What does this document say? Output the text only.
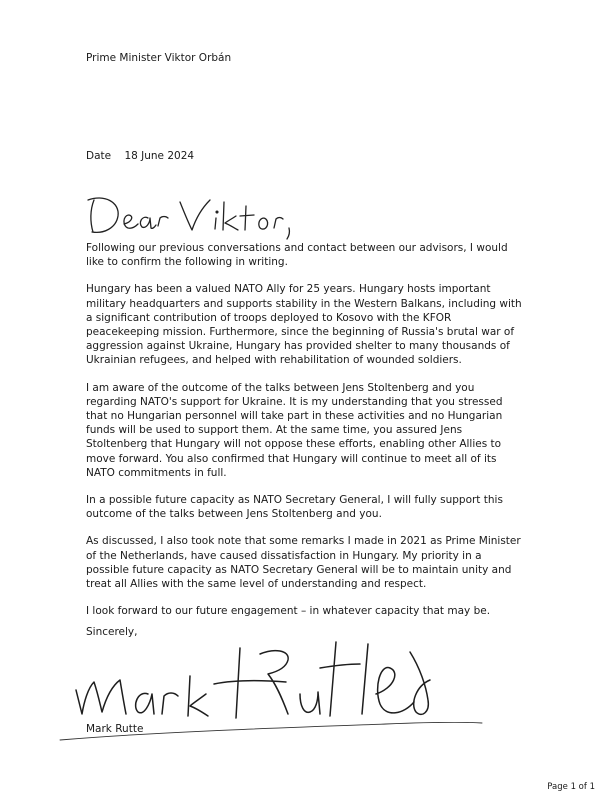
Prime Minister Viktor Orbán
Date 18 June 2024
Dear Viktor,

Following our previous conversations and contact between our advisors, I would like to confirm the following in writing.

Hungary has been a valued NATO Ally for 25 years. Hungary hosts important military headquarters and supports stability in the Western Balkans, including with a significant contribution of troops deployed to Kosovo with the KFOR peacekeeping mission. Furthermore, since the beginning of Russia's brutal war of aggression against Ukraine, Hungary has provided shelter to many thousands of Ukrainian refugees, and helped with rehabilitation of wounded soldiers.

I am aware of the outcome of the talks between Jens Stoltenberg and you regarding NATO's support for Ukraine. It is my understanding that you stressed that no Hungarian personnel will take part in these activities and no Hungarian funds will be used to support them. At the same time, you assured Jens Stoltenberg that Hungary will not oppose these efforts, enabling other Allies to move forward. You also confirmed that Hungary will continue to meet all of its NATO commitments in full.

In a possible future capacity as NATO Secretary General, I will fully support this outcome of the talks between Jens Stoltenberg and you.

As discussed, I also took note that some remarks I made in 2021 as Prime Minister of the Netherlands, have caused dissatisfaction in Hungary. My priority in a possible future capacity as NATO Secretary General will be to maintain unity and treat all Allies with the same level of understanding and respect.

I look forward to our future engagement – in whatever capacity that may be.

Sincerely,
Mark Rutte
Mark Rutte
Page 1 of 1
